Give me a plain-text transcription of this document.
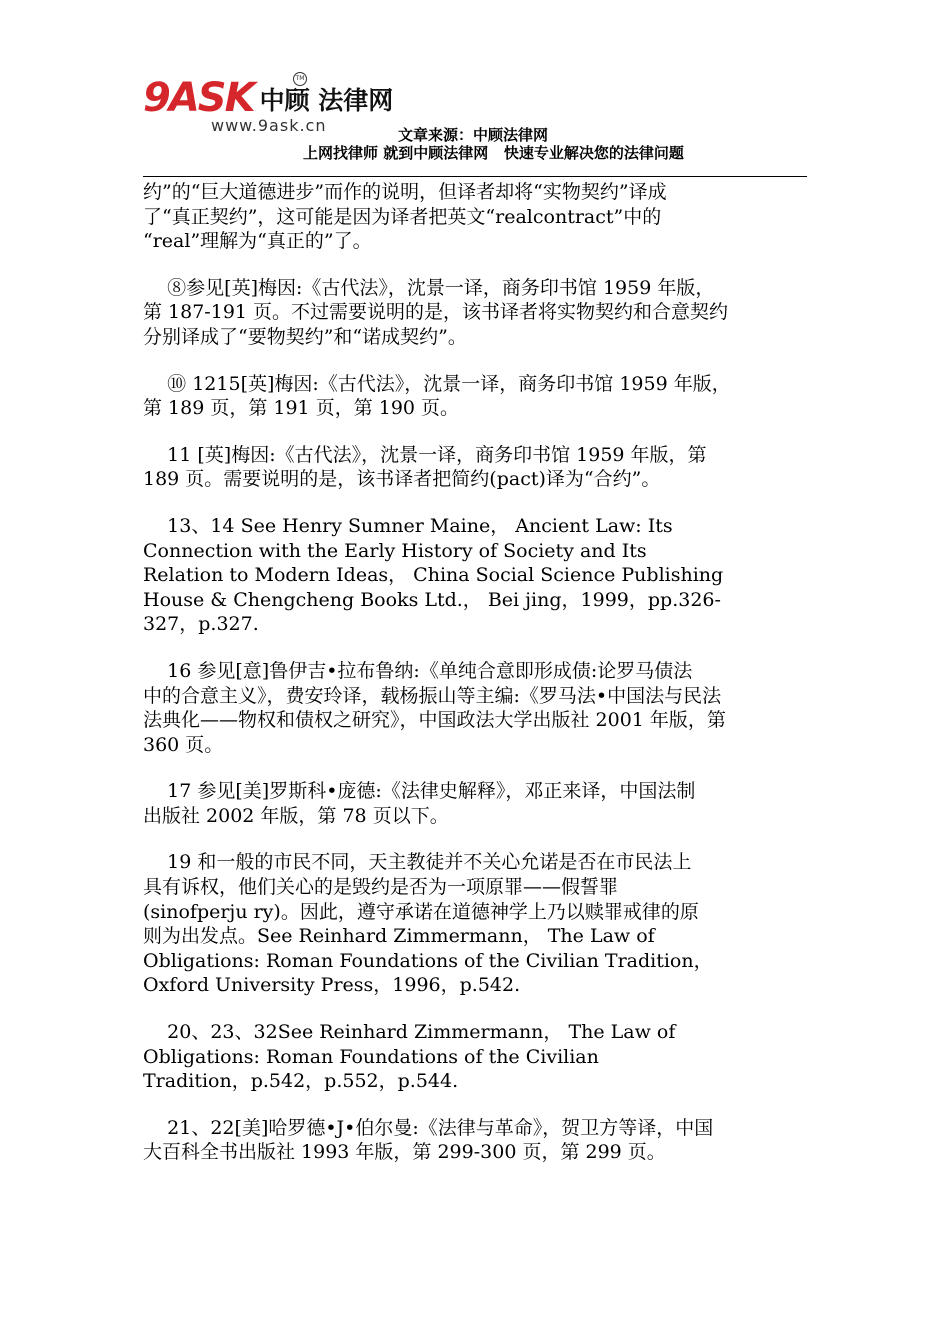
9ASK 中顾 法律网
TM
www.9ask.cn	文章来源：中顾法律网
上网找律师 就到中顾法律网   快速专业解决您的法律问题

约”的“巨大道德进步”而作的说明，但译者却将“实物契约”译成
了“真正契约”，这可能是因为译者把英文“realcontract”中的
“real”理解为“真正的”了。

⑧参见[英]梅因:《古代法》，沈景一译，商务印书馆 1959 年版，
第 187-191 页。不过需要说明的是，该书译者将实物契约和合意契约
分别译成了“要物契约”和“诺成契约”。

⑩ 1215[英]梅因:《古代法》，沈景一译，商务印书馆 1959 年版，
第 189 页，第 191 页，第 190 页。

11 [英]梅因:《古代法》，沈景一译，商务印书馆 1959 年版，第
189 页。需要说明的是，该书译者把简约(pact)译为“合约”。

13、14 See Henry Sumner Maine， Ancient Law: Its
Connection with the Early History of Society and Its
Relation to Modern Ideas， China Social Science Publishing
House & Chengcheng Books Ltd.， Bei jing，1999，pp.326-
327，p.327.

16 参见[意]鲁伊吉•拉布鲁纳:《单纯合意即形成债:论罗马债法
中的合意主义》，费安玲译，载杨振山等主编:《罗马法•中国法与民法
法典化——物权和债权之研究》，中国政法大学出版社 2001 年版，第
360 页。

17 参见[美]罗斯科•庞德:《法律史解释》，邓正来译，中国法制
出版社 2002 年版，第 78 页以下。

19 和一般的市民不同，天主教徒并不关心允诺是否在市民法上
具有诉权，他们关心的是毁约是否为一项原罪——假誓罪
(sinofperju ry)。因此，遵守承诺在道德神学上乃以赎罪戒律的原
则为出发点。See Reinhard Zimmermann， The Law of
Obligations: Roman Foundations of the Civilian Tradition，
Oxford University Press，1996，p.542.

20、23、32See Reinhard Zimmermann， The Law of
Obligations: Roman Foundations of the Civilian
Tradition，p.542，p.552，p.544.

21、22[美]哈罗德•J•伯尔曼:《法律与革命》，贺卫方等译，中国
大百科全书出版社 1993 年版，第 299-300 页，第 299 页。
